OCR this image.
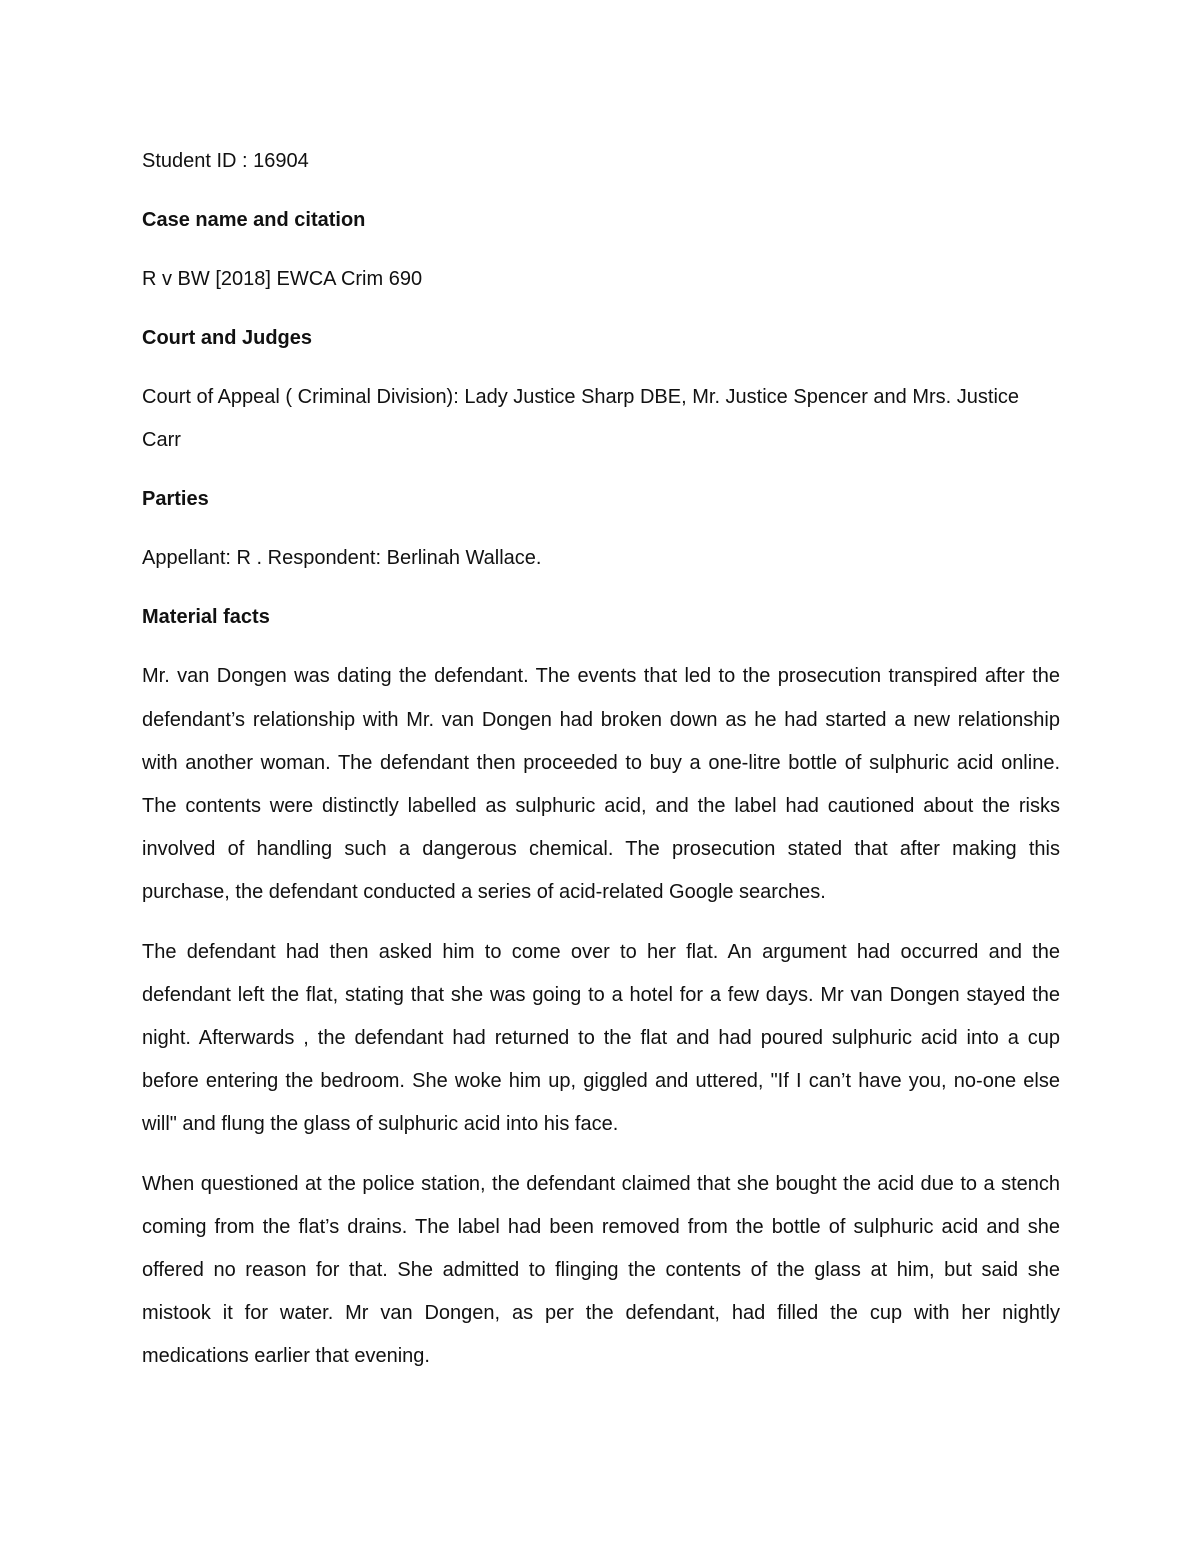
Student ID : 16904

Case name and citation

R v BW [2018] EWCA Crim 690

Court and Judges

Court of Appeal ( Criminal Division): Lady Justice Sharp DBE, Mr. Justice Spencer and Mrs. Justice Carr

Parties

Appellant: R . Respondent: Berlinah Wallace.

Material facts

Mr. van Dongen was dating the defendant. The events that led to the prosecution transpired after the defendant’s relationship with Mr. van Dongen had broken down as he had started a new relationship with another woman. The defendant then proceeded to buy a one-litre bottle of sulphuric acid online. The contents were distinctly labelled as sulphuric acid, and the label had cautioned about the risks involved of handling such a dangerous chemical. The prosecution stated that after making this purchase, the defendant conducted a series of acid-related Google searches.

The defendant had then asked him to come over to her flat. An argument had occurred and the defendant left the flat, stating that she was going to a hotel for a few days. Mr van Dongen stayed the night. Afterwards , the defendant had returned to the flat and had poured sulphuric acid into a cup before entering the bedroom. She woke him up, giggled and uttered, "If I can’t have you, no-one else will" and flung the glass of sulphuric acid into his face.

When questioned at the police station, the defendant claimed that she bought the acid due to a stench coming from the flat’s drains. The label had been removed from the bottle of sulphuric acid and she offered no reason for that. She admitted to flinging the contents of the glass at him, but said she mistook it for water. Mr van Dongen, as per the defendant, had filled the cup with her nightly medications earlier that evening.
